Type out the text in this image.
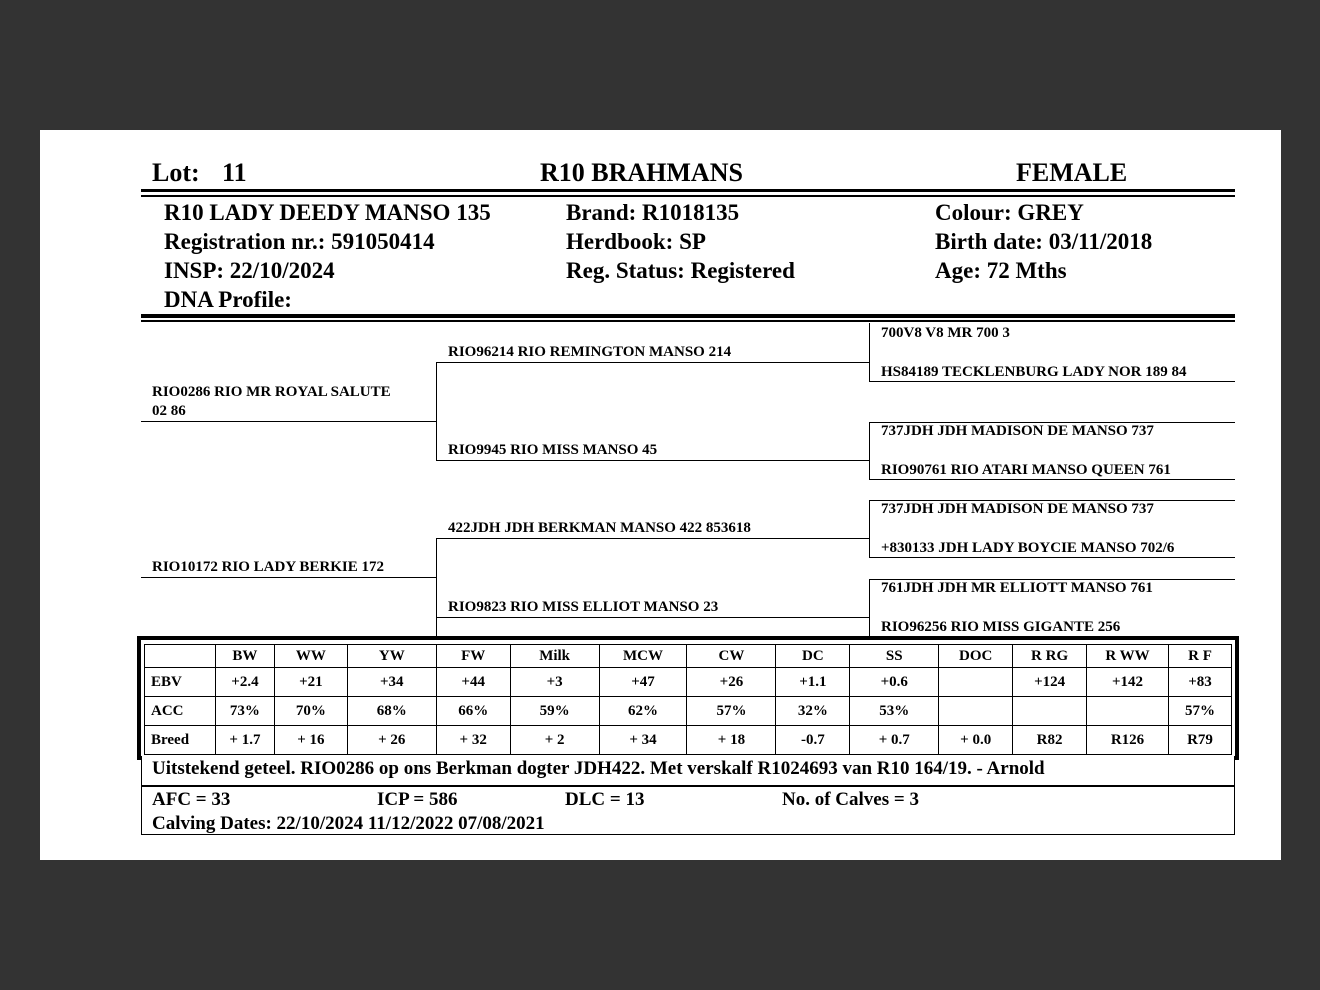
Lot: 11	R10 BRAHMANS	FEMALE
R10 LADY DEEDY MANSO 135
Registration nr.: 591050414
INSP: 22/10/2024
DNA Profile:
Brand: R1018135
Herdbook: SP
Reg. Status: Registered
Colour: GREY
Birth date: 03/11/2018
Age: 72 Mths
RIO0286 RIO MR ROYAL SALUTE
02 86
RIO10172 RIO LADY BERKIE 172
RIO96214 RIO REMINGTON MANSO 214
RIO9945 RIO MISS MANSO 45
422JDH JDH BERKMAN MANSO 422 853618
RIO9823 RIO MISS ELLIOT MANSO 23
700V8 V8 MR 700 3
HS84189 TECKLENBURG LADY NOR 189 84
737JDH JDH MADISON DE MANSO 737
RIO90761 RIO ATARI MANSO QUEEN 761
737JDH JDH MADISON DE MANSO 737
+830133 JDH LADY BOYCIE MANSO 702/6
761JDH JDH MR ELLIOTT MANSO 761
RIO96256 RIO MISS GIGANTE 256
	BW	WW	YW	FW	Milk	MCW	CW	DC	SS	DOC	R RG	R WW	R F
EBV	+2.4	+21	+34	+44	+3	+47	+26	+1.1	+0.6		+124	+142	+83
ACC	73%	70%	68%	66%	59%	62%	57%	32%	53%				57%
Breed	+ 1.7	+ 16	+ 26	+ 32	+ 2	+ 34	+ 18	-0.7	+ 0.7	+ 0.0	R82	R126	R79
Uitstekend geteel. RIO0286 op ons Berkman dogter JDH422. Met verskalf R1024693 van R10 164/19. - Arnold
AFC = 33	ICP = 586	DLC = 13	No. of Calves = 3
Calving Dates: 22/10/2024 11/12/2022 07/08/2021
